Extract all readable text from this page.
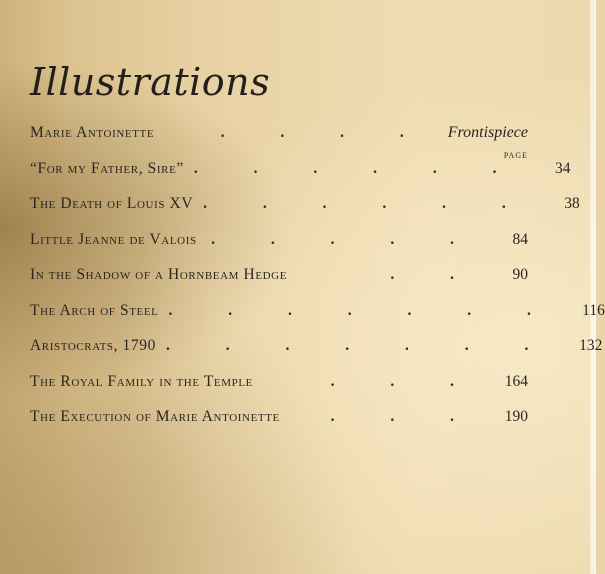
Illustrations
Marie Antoinette	. . . .	Frontispiece
“For my Father, Sire” . . . . . .	34
The Death of Louis XV . . . . . .	38
Little Jeanne de Valois . . . . .	84
In the Shadow of a Hornbeam Hedge	. .	90
The Arch of Steel . . . . . . .	116
Aristocrats, 1790 . . . . . . .	132
The Royal Family in the Temple	. . .	164
The Execution of Marie Antoinette	. . .	190
PAGE
